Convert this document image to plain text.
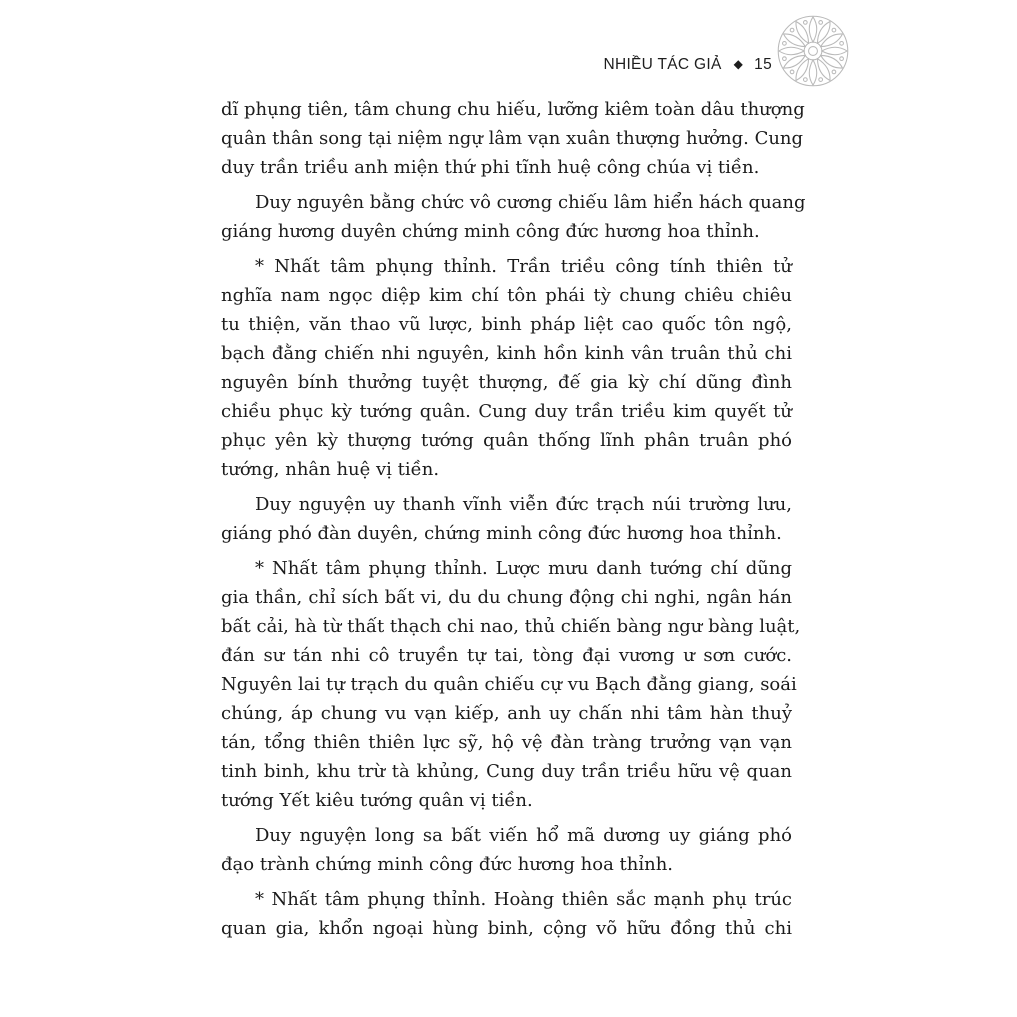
NHIỀU TÁC GIẢ ◆ 15
dĩ phụng tiên, tâm chung chu hiếu, lưỡng kiêm toàn dâu thượng
quân thân song tại niệm ngự lâm vạn xuân thượng hưởng. Cung
duy trần triều anh miện thứ phi tĩnh huệ công chúa vị tiền.
Duy nguyên bằng chức vô cương chiếu lâm hiển hách quang
giáng hương duyên chứng minh công đức hương hoa thỉnh.
* Nhất tâm phụng thỉnh. Trần triều công tính thiên tử
nghĩa nam ngọc diệp kim chí tôn phái tỳ chung chiêu chiêu
tu thiện, văn thao vũ lược, binh pháp liệt cao quốc tôn ngộ,
bạch đằng chiến nhi nguyên, kinh hồn kinh vân truân thủ chi
nguyên bính thưởng tuyệt thượng, đế gia kỳ chí dũng đình
chiều phục kỳ tướng quân. Cung duy trần triều kim quyết tử
phục yên kỳ thượng tướng quân thống lĩnh phân truân phó
tướng, nhân huệ vị tiền.
Duy nguyện uy thanh vĩnh viễn đức trạch núi trường lưu,
giáng phó đàn duyên, chứng minh công đức hương hoa thỉnh.
* Nhất tâm phụng thỉnh. Lược mưu danh tướng chí dũng
gia thần, chỉ sích bất vi, du du chung động chi nghi, ngân hán
bất cải, hà từ thất thạch chi nao, thủ chiến bàng ngư bàng luật,
đán sư tán nhi cô truyền tự tai, tòng đại vương ư sơn cước.
Nguyên lai tự trạch du quân chiếu cự vu Bạch đằng giang, soái
chúng, áp chung vu vạn kiếp, anh uy chấn nhi tâm hàn thuỷ
tán, tổng thiên thiên lực sỹ, hộ vệ đàn tràng trưởng vạn vạn
tinh binh, khu trừ tà khủng, Cung duy trần triều hữu vệ quan
tướng Yết kiêu tướng quân vị tiền.
Duy nguyện long sa bất viến hổ mã dương uy giáng phó
đạo trành chứng minh công đức hương hoa thỉnh.
* Nhất tâm phụng thỉnh. Hoàng thiên sắc mạnh phụ trúc
quan gia, khổn ngoại hùng binh, cộng võ hữu đồng thủ chi
